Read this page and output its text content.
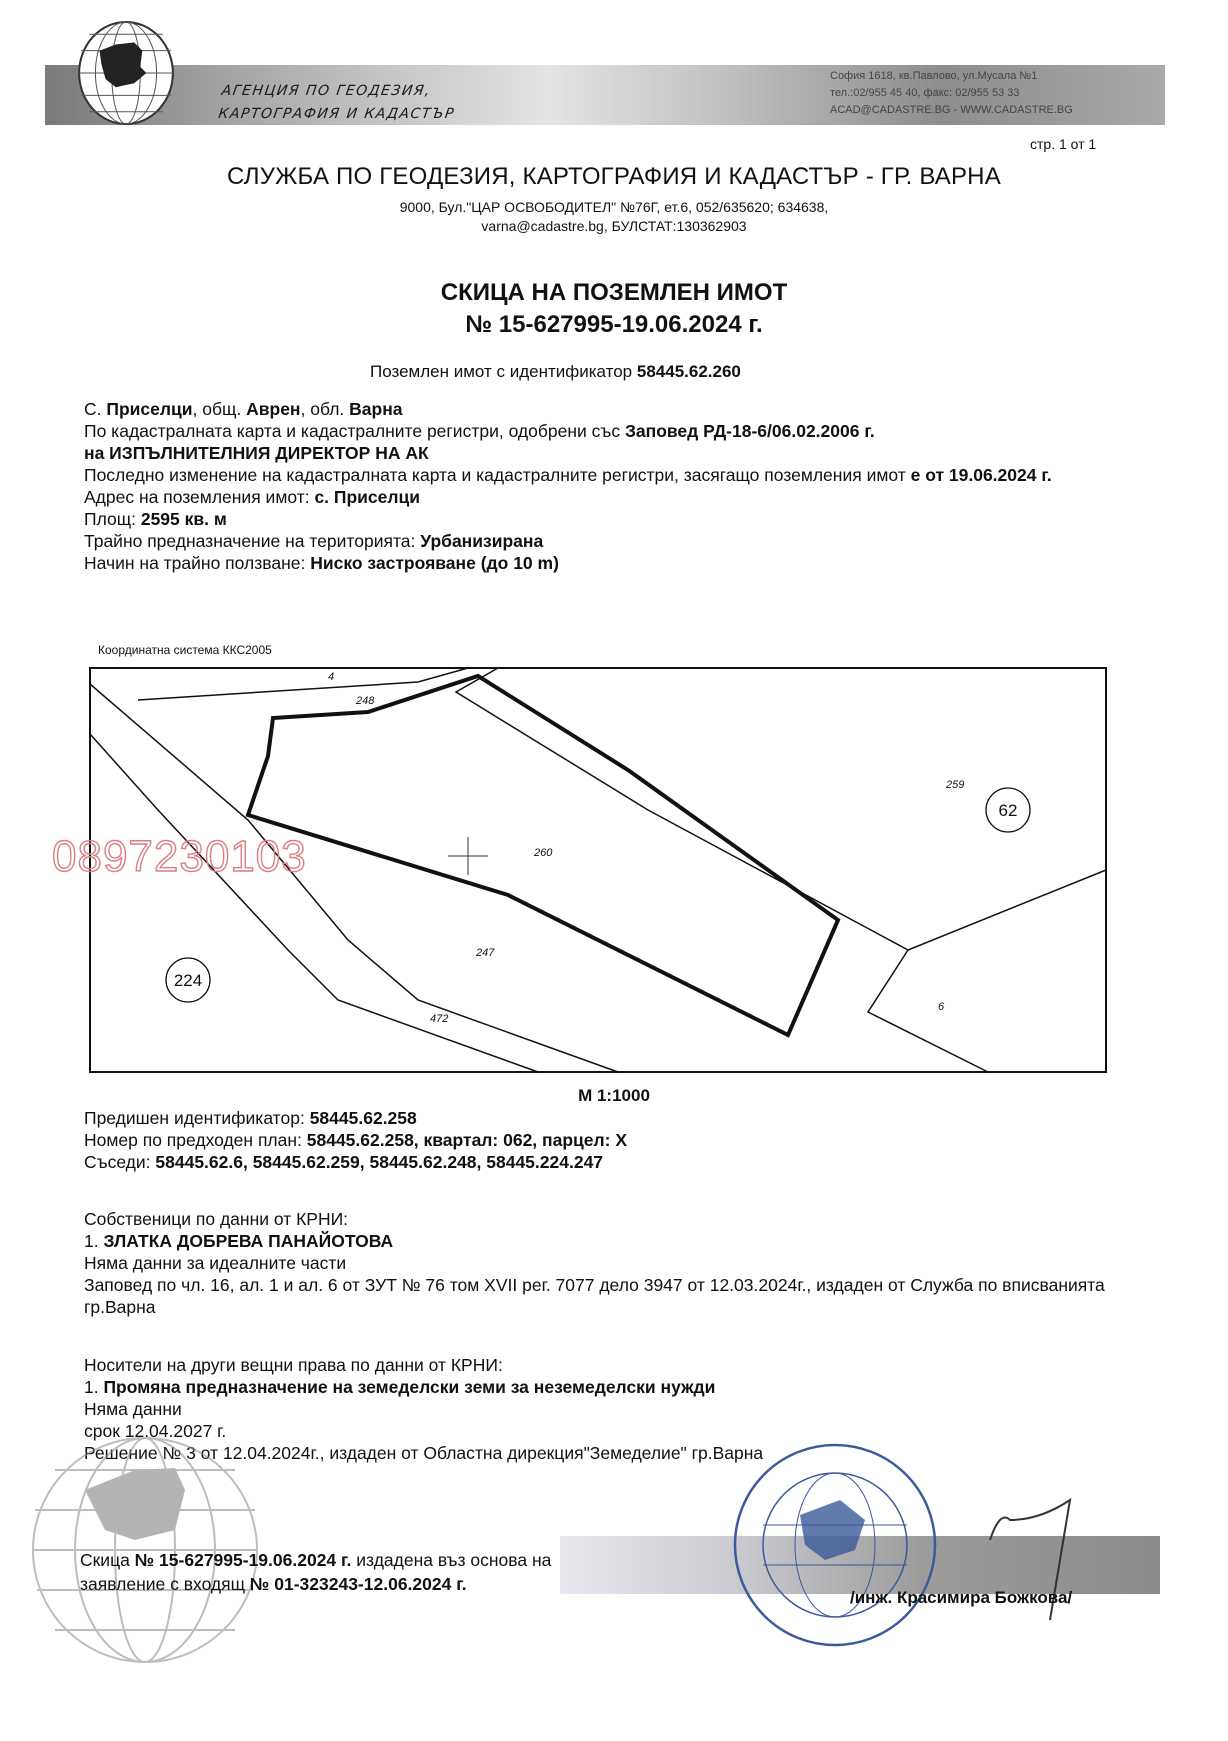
АГЕНЦИЯ ПО ГЕОДЕЗИЯ,
КАРТОГРАФИЯ И КАДАСТЪР
София 1618, кв.Павлово, ул.Мусала №1
тел.:02/955 45 40, факс: 02/955 53 33
ACAD@CADASTRE.BG - WWW.CADASTRE.BG
стр. 1 от 1
СЛУЖБА ПО ГЕОДЕЗИЯ, КАРТОГРАФИЯ И КАДАСТЪР - ГР. ВАРНА
9000, Бул."ЦАР ОСВОБОДИТЕЛ" №76Г, ет.6, 052/635620; 634638,
varna@cadastre.bg, БУЛСТАТ:130362903
СКИЦА НА ПОЗЕМЛЕН ИМОТ
№ 15-627995-19.06.2024 г.
Поземлен имот с идентификатор 58445.62.260
С. Приселци, общ. Аврен, обл. Варна
По кадастралната карта и кадастралните регистри, одобрени със Заповед РД-18-6/06.02.2006 г.
на ИЗПЪЛНИТЕЛНИЯ ДИРЕКТОР НА АК
Последно изменение на кадастралната карта и кадастралните регистри, засягащо поземления имот е от 19.06.2024 г.
Адрес на поземления имот: с. Приселци
Площ: 2595 кв. м
Трайно предназначение на територията: Урбанизирана
Начин на трайно ползване: Ниско застрояване (до 10 m)
Координатна система ККС2005
4
248
259
260
247
472
6
62
224
0897230103
М 1:1000
Предишен идентификатор: 58445.62.258
Номер по предходен план: 58445.62.258, квартал: 062, парцел: Х
Съседи: 58445.62.6, 58445.62.259, 58445.62.248, 58445.224.247
Собственици по данни от КРНИ:
1. ЗЛАТКА ДОБРЕВА ПАНАЙОТОВА
Няма данни за идеалните части
Заповед по чл. 16, ал. 1 и ал. 6 от ЗУТ № 76 том XVII рег. 7077 дело 3947 от 12.03.2024г., издаден от Служба по вписванията гр.Варна
Носители на други вещни права по данни от КРНИ:
1. Промяна предназначение на земеделски земи за неземеделски нужди
Няма данни
срок 12.04.2027 г.
Решение № 3 от 12.04.2024г., издаден от Областна дирекция"Земеделие" гр.Варна
Скица № 15-627995-19.06.2024 г. издадена въз основа на
заявление с входящ № 01-323243-12.06.2024 г.
/инж. Красимира Божкова/
